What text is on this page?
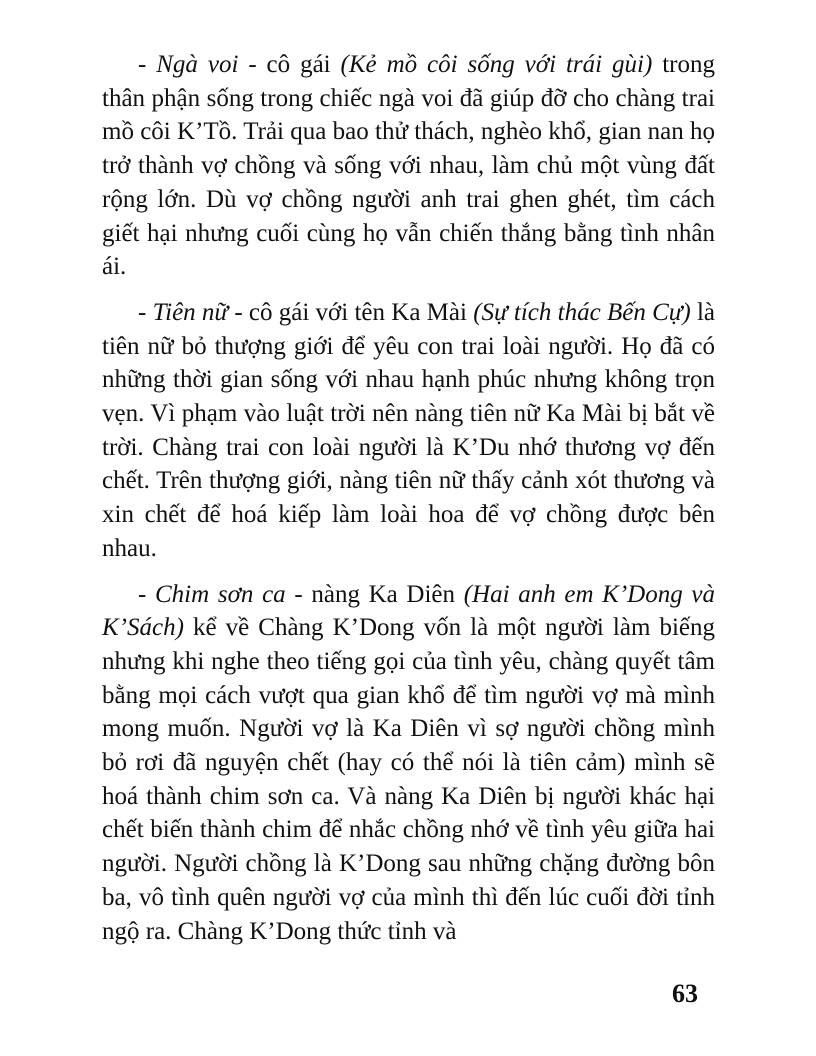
- Ngà voi - cô gái (Kẻ mồ côi sống với trái gùi) trong thân phận sống trong chiếc ngà voi đã giúp đỡ cho chàng trai mồ côi K’Tồ. Trải qua bao thử thách, nghèo khổ, gian nan họ trở thành vợ chồng và sống với nhau, làm chủ một vùng đất rộng lớn. Dù vợ chồng người anh trai ghen ghét, tìm cách giết hại nhưng cuối cùng họ vẫn chiến thắng bằng tình nhân ái.

- Tiên nữ - cô gái với tên Ka Mài (Sự tích thác Bến Cự) là tiên nữ bỏ thượng giới để yêu con trai loài người. Họ đã có những thời gian sống với nhau hạnh phúc nhưng không trọn vẹn. Vì phạm vào luật trời nên nàng tiên nữ Ka Mài bị bắt về trời. Chàng trai con loài người là K’Du nhớ thương vợ đến chết. Trên thượng giới, nàng tiên nữ thấy cảnh xót thương và xin chết để hoá kiếp làm loài hoa để vợ chồng được bên nhau.

- Chim sơn ca - nàng Ka Diên (Hai anh em K’Dong và K’Sách) kể về Chàng K’Dong vốn là một người làm biếng nhưng khi nghe theo tiếng gọi của tình yêu, chàng quyết tâm bằng mọi cách vượt qua gian khổ để tìm người vợ mà mình mong muốn. Người vợ là Ka Diên vì sợ người chồng mình bỏ rơi đã nguyện chết (hay có thể nói là tiên cảm) mình sẽ hoá thành chim sơn ca. Và nàng Ka Diên bị người khác hại chết biến thành chim để nhắc chồng nhớ về tình yêu giữa hai người. Người chồng là K’Dong sau những chặng đường bôn ba, vô tình quên người vợ của mình thì đến lúc cuối đời tỉnh ngộ ra. Chàng K’Dong thức tỉnh và

63
